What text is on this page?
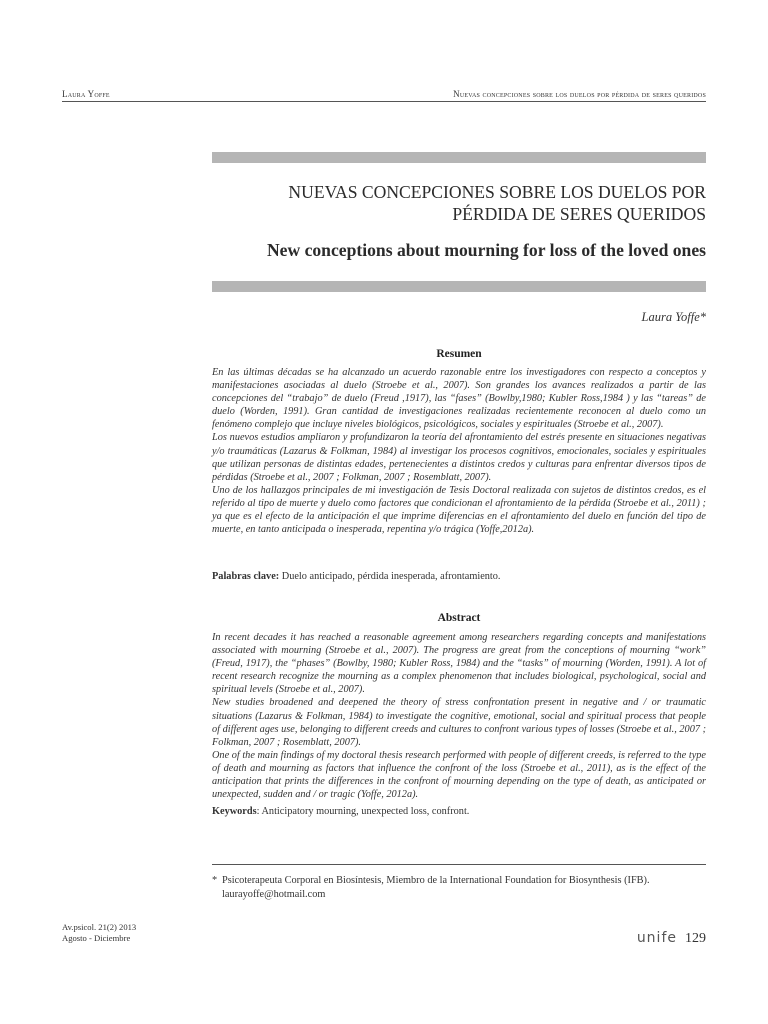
Laura Yoffe	Nuevas concepciones sobre los duelos por pérdida de seres queridos
NUEVAS CONCEPCIONES SOBRE LOS DUELOS POR PÉRDIDA DE SERES QUERIDOS
New conceptions about mourning for loss of the loved ones
Laura Yoffe*
Resumen

En las últimas décadas se ha alcanzado un acuerdo razonable entre los investigadores con respecto a conceptos y manifestaciones asociadas al duelo (Stroebe et al., 2007). Son grandes los avances realizados a partir de las concepciones del “trabajo” de duelo (Freud ,1917), las “fases” (Bowlby,1980; Kubler Ross,1984 ) y las “tareas” de duelo (Worden, 1991). Gran cantidad de investigaciones realizadas recientemente reconocen al duelo como un fenómeno complejo que incluye niveles biológicos, psicológicos, sociales y espirituales (Stroebe et al., 2007).

Los nuevos estudios ampliaron y profundizaron la teoría del afrontamiento del estrés presente en situaciones negativas y/o traumáticas (Lazarus & Folkman, 1984) al investigar los procesos cognitivos, emocionales, sociales y espirituales que utilizan personas de distintas edades, pertenecientes a distintos credos y culturas para enfrentar diversos tipos de pérdidas (Stroebe et al., 2007 ; Folkman, 2007 ; Rosemblatt, 2007).

Uno de los hallazgos principales de mi investigación de Tesis Doctoral realizada con sujetos de distintos credos, es el referido al tipo de muerte y duelo como factores que condicionan el afrontamiento de la pérdida (Stroebe et al., 2011) ; ya que es el efecto de la anticipación el que imprime diferencias en el afrontamiento del duelo en función del tipo de muerte, en tanto anticipada o inesperada, repentina y/o trágica (Yoffe,2012a).

Palabras clave: Duelo anticipado, pérdida inesperada, afrontamiento.
Abstract

In recent decades it has reached a reasonable agreement among researchers regarding concepts and manifestations associated with mourning (Stroebe et al., 2007). The progress are great from the conceptions of mourning “work” (Freud, 1917), the “phases” (Bowlby, 1980; Kubler Ross, 1984) and the “tasks” of mourning (Worden, 1991). A lot of recent research recognize the mourning as a complex phenomenon that includes biological, psychological, social and spiritual levels (Stroebe et al., 2007).

New studies broadened and deepened the theory of stress confrontation present in negative and / or traumatic situations (Lazarus & Folkman, 1984) to investigate the cognitive, emotional, social and spiritual process that people of different ages use, belonging to different creeds and cultures to confront various types of losses (Stroebe et al., 2007 ; Folkman, 2007 ; Rosemblatt, 2007).

One of the main findings of my doctoral thesis research performed with people of different creeds, is referred to the type of death and mourning as factors that influence the confront of the loss (Stroebe et al., 2011), as is the effect of the anticipation that prints the differences in the confront of mourning depending on the type of death, as anticipated or unexpected, sudden and / or tragic (Yoffe, 2012a).

Keywords: Anticipatory mourning, unexpected loss, confront.
* Psicoterapeuta Corporal en Biosíntesis, Miembro de la International Foundation for Biosynthesis (IFB). laurayoffe@hotmail.com
Av.psicol. 21(2) 2013
Agosto - Diciembre	unife 129
